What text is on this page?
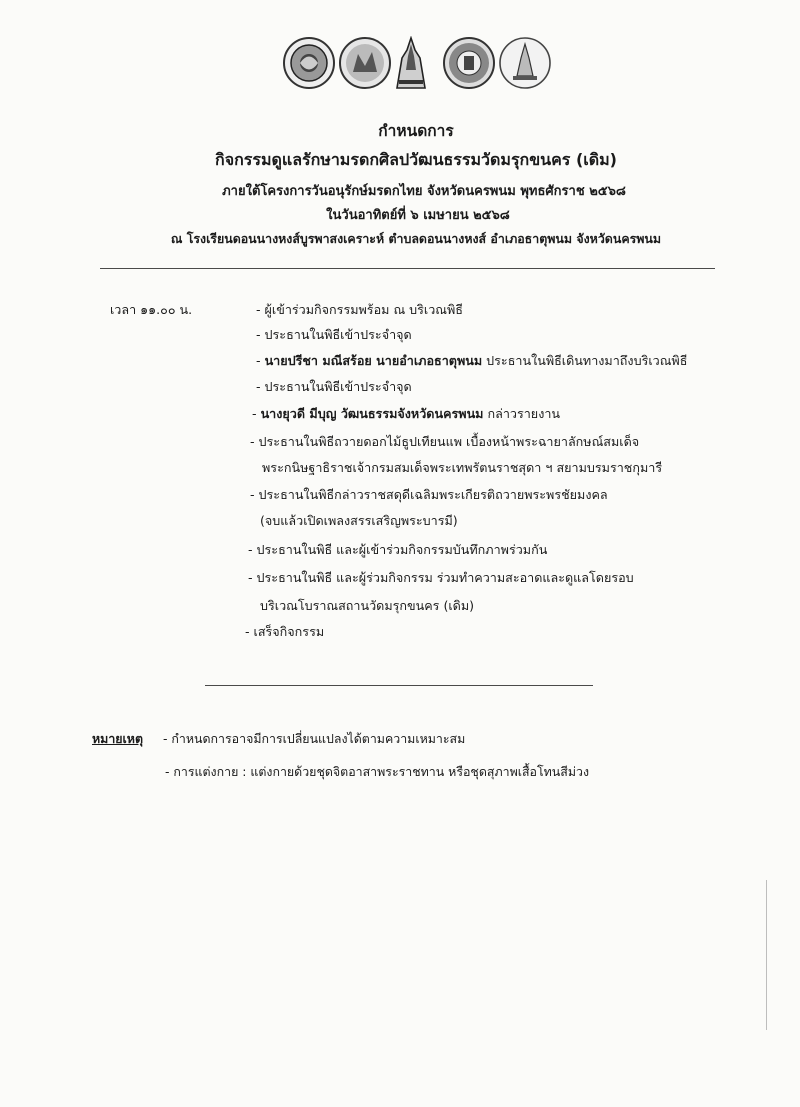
กำหนดการ
กิจกรรมดูแลรักษามรดกศิลปวัฒนธรรมวัดมรุกขนคร (เดิม)
ภายใต้โครงการวันอนุรักษ์มรดกไทย จังหวัดนครพนม พุทธศักราช ๒๕๖๘
ในวันอาทิตย์ที่ ๖ เมษายน ๒๕๖๘
ณ โรงเรียนดอนนางหงส์บูรพาสงเคราะห์ ตำบลดอนนางหงส์ อำเภอธาตุพนม จังหวัดนครพนม
เวลา ๑๑.๐๐ น.	- ผู้เข้าร่วมกิจกรรมพร้อม ณ บริเวณพิธี
- ประธานในพิธีเข้าประจำจุด
- นายปรีชา มณีสร้อย นายอำเภอธาตุพนม ประธานในพิธีเดินทางมาถึงบริเวณพิธี
- ประธานในพิธีเข้าประจำจุด
- นางยุวดี มีบุญ วัฒนธรรมจังหวัดนครพนม กล่าวรายงาน
- ประธานในพิธีถวายดอกไม้ธูปเทียนแพ เบื้องหน้าพระฉายาลักษณ์สมเด็จ
พระกนิษฐาธิราชเจ้ากรมสมเด็จพระเทพรัตนราชสุดา ฯ สยามบรมราชกุมารี
- ประธานในพิธีกล่าวราชสดุดีเฉลิมพระเกียรติถวายพระพรชัยมงคล
(จบแล้วเปิดเพลงสรรเสริญพระบารมี)
- ประธานในพิธี และผู้เข้าร่วมกิจกรรมบันทึกภาพร่วมกัน
- ประธานในพิธี และผู้ร่วมกิจกรรม ร่วมทำความสะอาดและดูแลโดยรอบ
บริเวณโบราณสถานวัดมรุกขนคร (เดิม)
- เสร็จกิจกรรม
หมายเหตุ - กำหนดการอาจมีการเปลี่ยนแปลงได้ตามความเหมาะสม
- การแต่งกาย : แต่งกายด้วยชุดจิตอาสาพระราชทาน หรือชุดสุภาพเสื้อโทนสีม่วง
